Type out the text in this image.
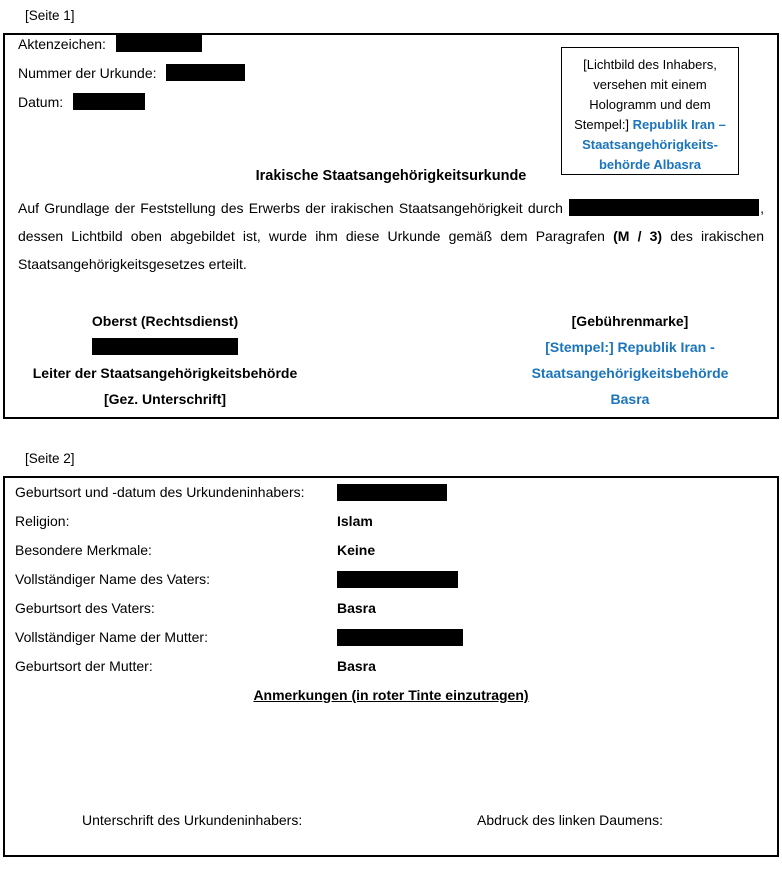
[Seite 1]
[Lichtbild des Inhabers, versehen mit einem Hologramm und dem Stempel:] Republik Iran – Staatsangehörigkeits-behörde Albasra
Aktenzeichen:
Nummer der Urkunde:
Datum:
Irakische Staatsangehörigkeitsurkunde
Auf Grundlage der Feststellung des Erwerbs der irakischen Staatsangehörigkeit durch	, dessen Lichtbild oben abgebildet ist, wurde ihm diese Urkunde gemäß dem Paragrafen (M / 3) des irakischen Staatsangehörigkeitsgesetzes erteilt.
Oberst (Rechtsdienst)
Leiter der Staatsangehörigkeitsbehörde
[Gez. Unterschrift]
[Gebührenmarke]
[Stempel:] Republik Iran -
Staatsangehörigkeitsbehörde
Basra
[Seite 2]
Geburtsort und -datum des Urkundeninhabers:
Religion:	Islam
Besondere Merkmale:	Keine
Vollständiger Name des Vaters:
Geburtsort des Vaters:	Basra
Vollständiger Name der Mutter:
Geburtsort der Mutter:	Basra
Anmerkungen (in roter Tinte einzutragen)
Unterschrift des Urkundeninhabers:	Abdruck des linken Daumens:
